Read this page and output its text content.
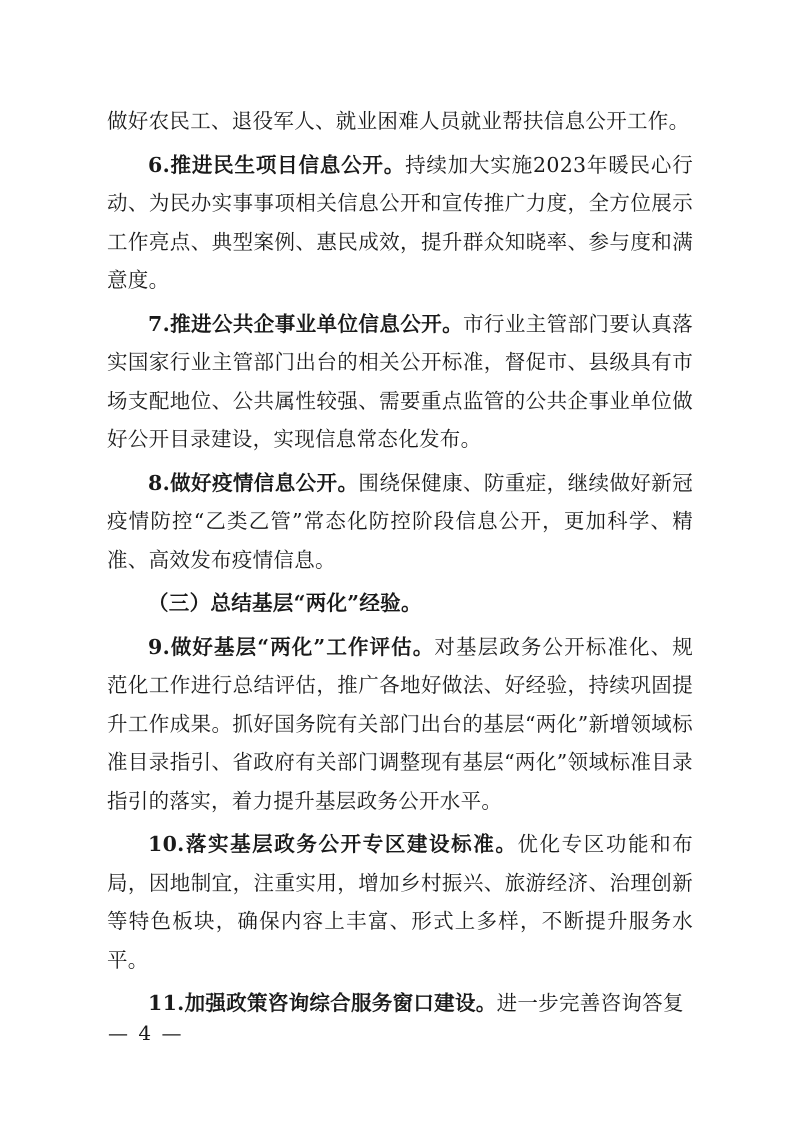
做好农民工、退役军人、就业困难人员就业帮扶信息公开工作。

6.推进民生项目信息公开。持续加大实施2023年暖民心行动、为民办实事事项相关信息公开和宣传推广力度，全方位展示工作亮点、典型案例、惠民成效，提升群众知晓率、参与度和满意度。

7.推进公共企事业单位信息公开。市行业主管部门要认真落实国家行业主管部门出台的相关公开标准，督促市、县级具有市场支配地位、公共属性较强、需要重点监管的公共企事业单位做好公开目录建设，实现信息常态化发布。

8.做好疫情信息公开。围绕保健康、防重症，继续做好新冠疫情防控“乙类乙管”常态化防控阶段信息公开，更加科学、精准、高效发布疫情信息。

（三）总结基层“两化”经验。

9.做好基层“两化”工作评估。对基层政务公开标准化、规范化工作进行总结评估，推广各地好做法、好经验，持续巩固提升工作成果。抓好国务院有关部门出台的基层“两化”新增领域标准目录指引、省政府有关部门调整现有基层“两化”领域标准目录指引的落实，着力提升基层政务公开水平。

10.落实基层政务公开专区建设标准。优化专区功能和布局，因地制宜，注重实用，增加乡村振兴、旅游经济、治理创新等特色板块，确保内容上丰富、形式上多样，不断提升服务水平。

11.加强政策咨询综合服务窗口建设。进一步完善咨询答复

— 4 —
